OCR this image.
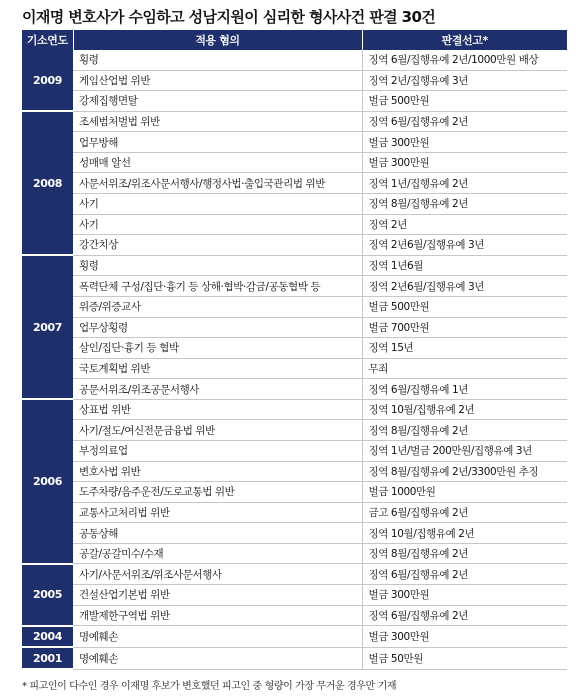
이재명 변호사가 수임하고 성남지원이 심리한 형사사건 판결 30건
기소연도	적용 혐의	판결선고*
2009	횡령	징역 6월/집행유예 2년/1000만원 배상
	게임산업법 위반	징역 2년/집행유예 3년
	강제집행면탈	벌금 500만원
2008	조세범처벌법 위반	징역 6월/집행유예 2년
	업무방해	벌금 300만원
	성매매 알선	벌금 300만원
	사문서위조/위조사문서행사/행정사법·출입국관리법 위반	징역 1년/집행유예 2년
	사기	징역 8월/집행유예 2년
	사기	징역 2년
	강간치상	징역 2년6월/집행유예 3년
2007	횡령	징역 1년6월
	폭력단체 구성/집단·흉기 등 상해·협박·감금/공동협박 등	징역 2년6월/집행유예 3년
	위증/위증교사	벌금 500만원
	업무상횡령	벌금 700만원
	살인/집단·흉기 등 협박	징역 15년
	국토계획법 위반	무죄
	공문서위조/위조공문서행사	징역 6월/집행유예 1년
2006	상표법 위반	징역 10월/집행유예 2년
	사기/절도/여신전문금융법 위반	징역 8월/집행유예 2년
	부정의료업	징역 1년/벌금 200만원/집행유예 3년
	변호사법 위반	징역 8월/집행유예 2년/3300만원 추징
	도주차량/음주운전/도로교통법 위반	벌금 1000만원
	교통사고처리법 위반	금고 6월/집행유예 2년
	공동상해	징역 10월/집행유예 2년
	공갈/공갈미수/수재	징역 8월/집행유예 2년
2005	사기/사문서위조/위조사문서행사	징역 6월/집행유예 2년
	건설산업기본법 위반	벌금 300만원
	개발제한구역법 위반	징역 6월/집행유예 2년
2004	명예훼손	벌금 300만원
2001	명예훼손	벌금 50만원
* 피고인이 다수인 경우 이재명 후보가 변호했던 피고인 중 형량이 가장 무거운 경우만 기재
